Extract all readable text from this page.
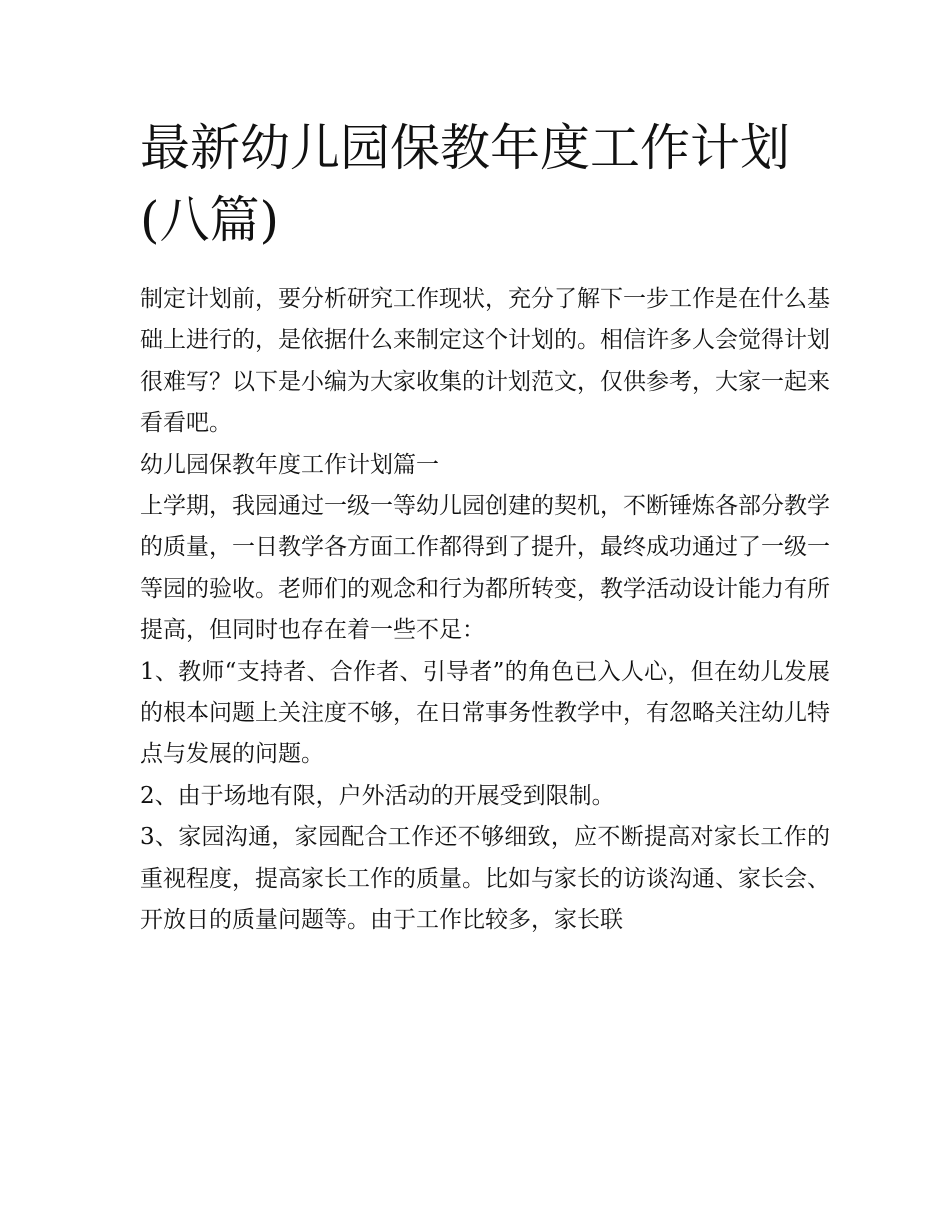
最新幼儿园保教年度工作计划(八篇)

制定计划前，要分析研究工作现状，充分了解下一步工作是在什么基础上进行的，是依据什么来制定这个计划的。相信许多人会觉得计划很难写？以下是小编为大家收集的计划范文，仅供参考，大家一起来看看吧。

幼儿园保教年度工作计划篇一

上学期，我园通过一级一等幼儿园创建的契机，不断锤炼各部分教学的质量，一日教学各方面工作都得到了提升，最终成功通过了一级一等园的验收。老师们的观念和行为都所转变，教学活动设计能力有所提高，但同时也存在着一些不足：

1、教师“支持者、合作者、引导者”的角色已入人心，但在幼儿发展的根本问题上关注度不够，在日常事务性教学中，有忽略关注幼儿特点与发展的问题。

2、由于场地有限，户外活动的开展受到限制。

3、家园沟通，家园配合工作还不够细致，应不断提高对家长工作的重视程度，提高家长工作的质量。比如与家长的访谈沟通、家长会、开放日的质量问题等。由于工作比较多，家长联
